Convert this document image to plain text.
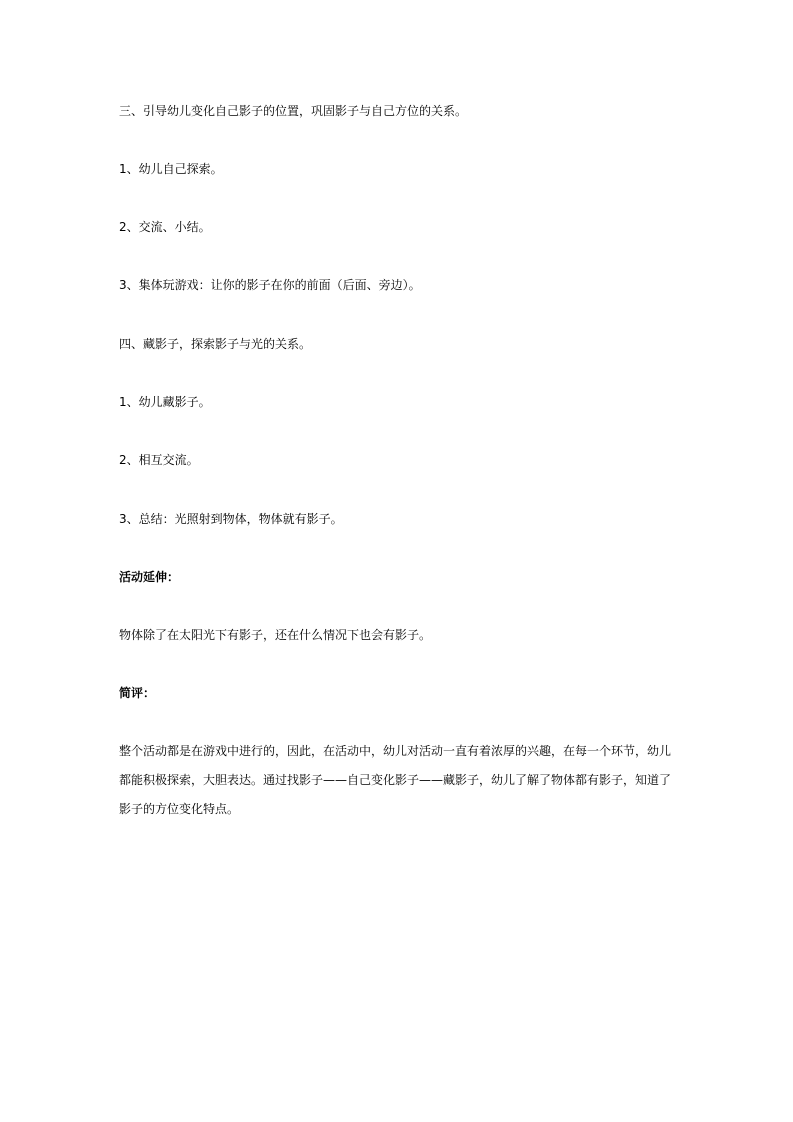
三、引导幼儿变化自己影子的位置，巩固影子与自己方位的关系。

1、幼儿自己探索。

2、交流、小结。

3、集体玩游戏：让你的影子在你的前面（后面、旁边）。

四、藏影子，探索影子与光的关系。

1、幼儿藏影子。

2、相互交流。

3、总结：光照射到物体，物体就有影子。

活动延伸：

物体除了在太阳光下有影子，还在什么情况下也会有影子。

简评：

整个活动都是在游戏中进行的，因此，在活动中，幼儿对活动一直有着浓厚的兴趣，在每一个环节，幼儿
都能积极探索，大胆表达。通过找影子——自己变化影子——藏影子，幼儿了解了物体都有影子，知道了
影子的方位变化特点。
